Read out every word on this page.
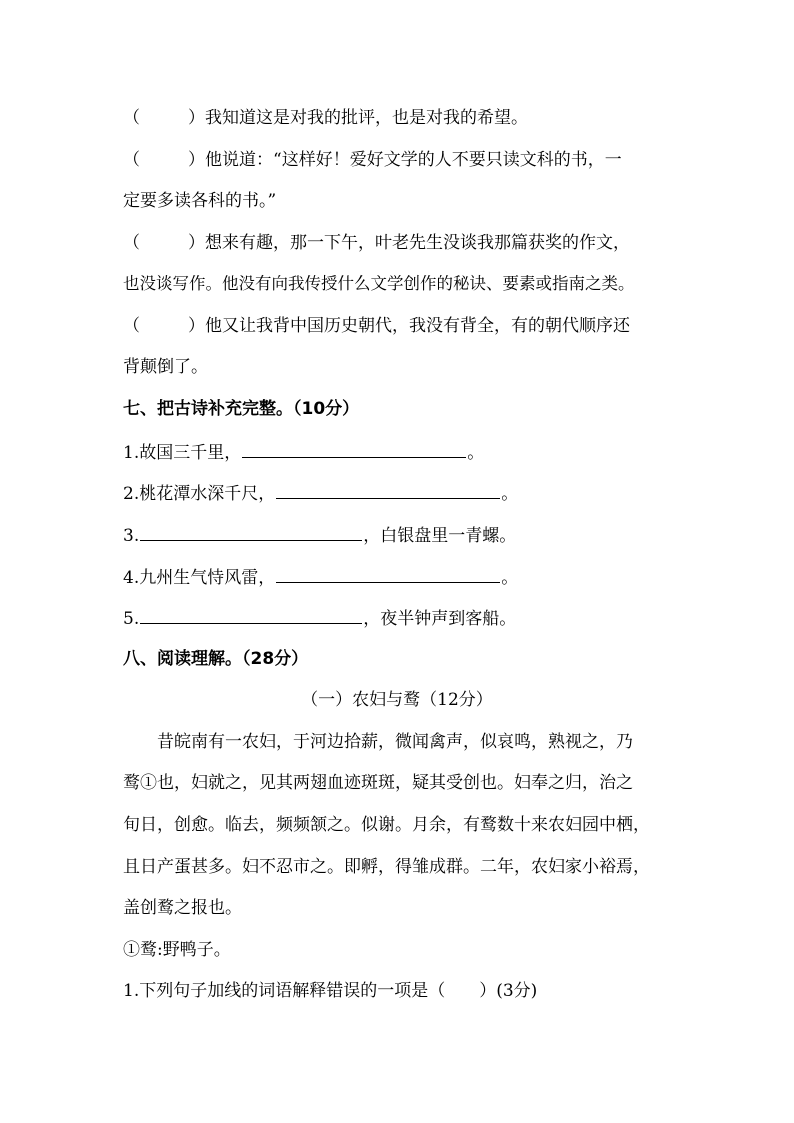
（	）我知道这是对我的批评，也是对我的希望。
（	）他说道：“这样好！爱好文学的人不要只读文科的书，一
定要多读各科的书。”
（	）想来有趣，那一下午，叶老先生没谈我那篇获奖的作文，
也没谈写作。他没有向我传授什么文学创作的秘诀、要素或指南之类。
（	）他又让我背中国历史朝代，我没有背全，有的朝代顺序还
背颠倒了。
七、把古诗补充完整。（10分）
1.故国三千里，	。
2.桃花潭水深千尺，	。
3.	，白银盘里一青螺。
4.九州生气恃风雷，	。
5.	，夜半钟声到客船。
八、阅读理解。（28分）
（一）农妇与鹜（12分）
昔皖南有一农妇，于河边拾薪，微闻禽声，似哀鸣，熟视之，乃
鹜①也，妇就之，见其两翅血迹斑斑，疑其受创也。妇奉之归，治之
旬日，创愈。临去，频频颔之。似谢。月余，有鹜数十来农妇园中栖，
且日产蛋甚多。妇不忍市之。即孵，得雏成群。二年，农妇家小裕焉，
盖创鹜之报也。
①鹜:野鸭子。
1.下列句子加线的词语解释错误的一项是（ ）(3分)
